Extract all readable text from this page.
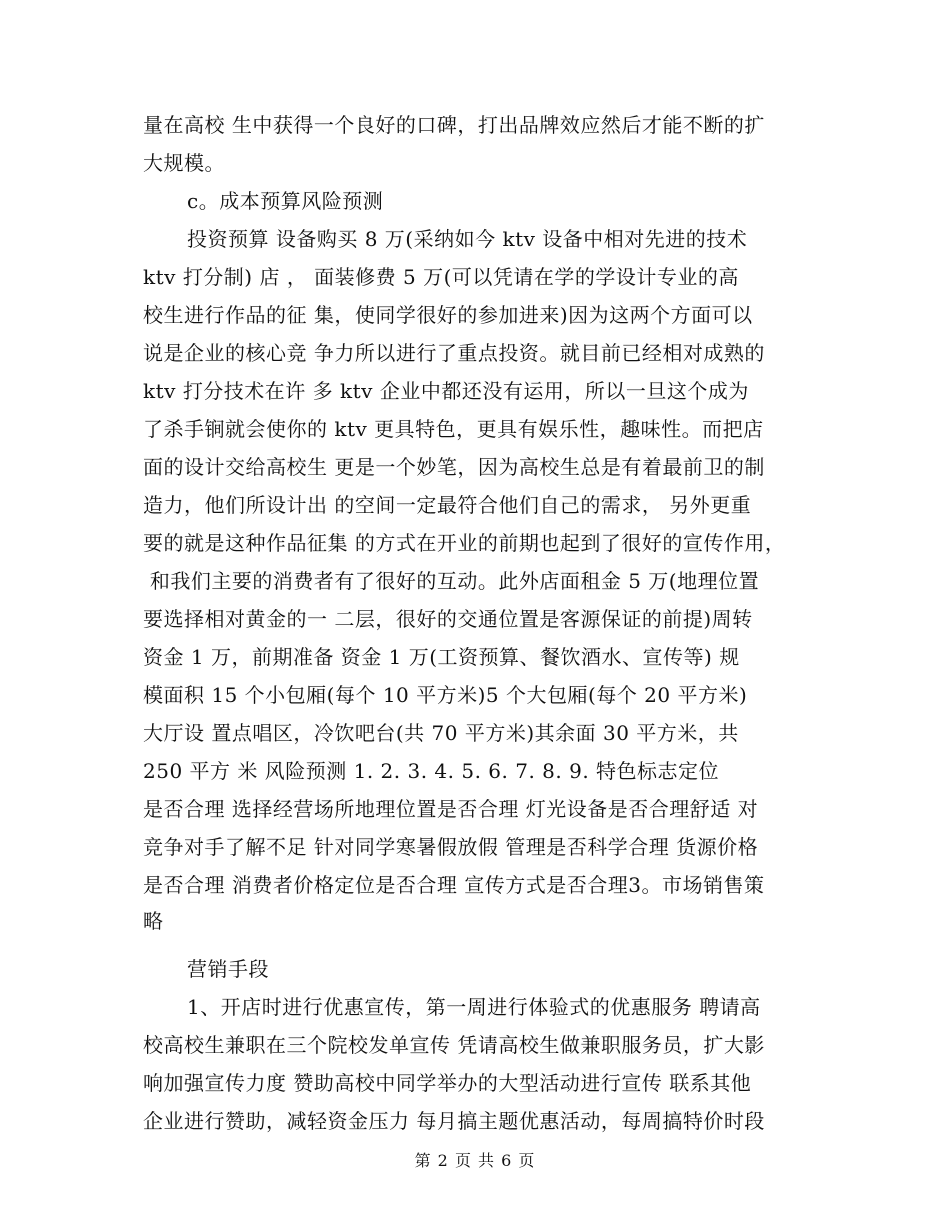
量在高校 生中获得一个良好的口碑，打出品牌效应然后才能不断的扩
大规模。
c。成本预算风险预测
投资预算 设备购买 8 万(采纳如今 ktv 设备中相对先进的技术
ktv 打分制) 店 ， 面装修费 5 万(可以凭请在学的学设计专业的高
校生进行作品的征 集，使同学很好的参加进来)因为这两个方面可以
说是企业的核心竞 争力所以进行了重点投资。就目前已经相对成熟的
ktv 打分技术在许 多 ktv 企业中都还没有运用，所以一旦这个成为
了杀手锏就会使你的 ktv 更具特色，更具有娱乐性，趣味性。而把店
面的设计交给高校生 更是一个妙笔，因为高校生总是有着最前卫的制
造力，他们所设计出 的空间一定最符合他们自己的需求， 另外更重
要的就是这种作品征集 的方式在开业的前期也起到了很好的宣传作用，
和我们主要的消费者有了很好的互动。此外店面租金 5 万(地理位置
要选择相对黄金的一 二层，很好的交通位置是客源保证的前提)周转
资金 1 万，前期准备 资金 1 万(工资预算、餐饮酒水、宣传等) 规
模面积 15 个小包厢(每个 10 平方米)5 个大包厢(每个 20 平方米)
大厅设 置点唱区，冷饮吧台(共 70 平方米)其余面 30 平方米，共
250 平方 米 风险预测 1. 2. 3. 4. 5. 6. 7. 8. 9. 特色标志定位
是否合理 选择经营场所地理位置是否合理 灯光设备是否合理舒适 对
竞争对手了解不足 针对同学寒暑假放假 管理是否科学合理 货源价格
是否合理 消费者价格定位是否合理 宣传方式是否合理3。市场销售策
略
营销手段
1、开店时进行优惠宣传，第一周进行体验式的优惠服务 聘请高
校高校生兼职在三个院校发单宣传 凭请高校生做兼职服务员，扩大影
响加强宣传力度 赞助高校中同学举办的大型活动进行宣传 联系其他
企业进行赞助，减轻资金压力 每月搞主题优惠活动，每周搞特价时段
第 2 页 共 6 页
